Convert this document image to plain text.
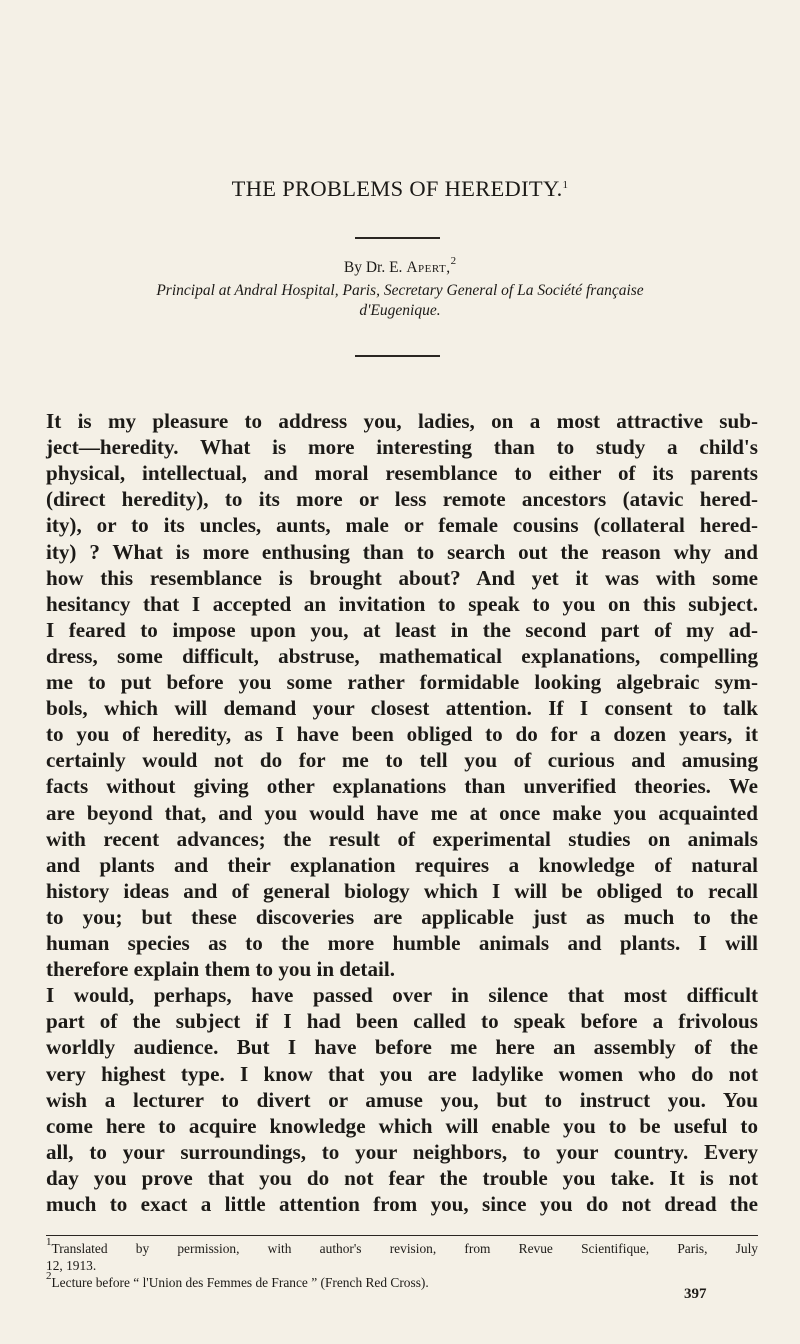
THE PROBLEMS OF HEREDITY.$^1$
By Dr. E. Apert,$^2$
Principal at Andral Hospital, Paris, Secretary General of La Société française
d'Eugenique.
It is my pleasure to address you, ladies, on a most attractive sub-
ject—heredity. What is more interesting than to study a child's
physical, intellectual, and moral resemblance to either of its parents
(direct heredity), to its more or less remote ancestors (atavic hered-
ity), or to its uncles, aunts, male or female cousins (collateral hered-
ity) ? What is more enthusing than to search out the reason why and
how this resemblance is brought about? And yet it was with some
hesitancy that I accepted an invitation to speak to you on this subject.
I feared to impose upon you, at least in the second part of my ad-
dress, some difficult, abstruse, mathematical explanations, compelling
me to put before you some rather formidable looking algebraic sym-
bols, which will demand your closest attention. If I consent to talk
to you of heredity, as I have been obliged to do for a dozen years, it
certainly would not do for me to tell you of curious and amusing
facts without giving other explanations than unverified theories. We
are beyond that, and you would have me at once make you acquainted
with recent advances; the result of experimental studies on animals
and plants and their explanation requires a knowledge of natural
history ideas and of general biology which I will be obliged to recall
to you; but these discoveries are applicable just as much to the
human species as to the more humble animals and plants. I will
therefore explain them to you in detail.
I would, perhaps, have passed over in silence that most difficult
part of the subject if I had been called to speak before a frivolous
worldly audience. But I have before me here an assembly of the
very highest type. I know that you are ladylike women who do not
wish a lecturer to divert or amuse you, but to instruct you. You
come here to acquire knowledge which will enable you to be useful to
all, to your surroundings, to your neighbors, to your country. Every
day you prove that you do not fear the trouble you take. It is not
much to exact a little attention from you, since you do not dread the
$^1$Translated by permission, with author's revision, from Revue Scientifique, Paris, July
12, 1913.
$^2$Lecture before “ l'Union des Femmes de France ” (French Red Cross).
397
